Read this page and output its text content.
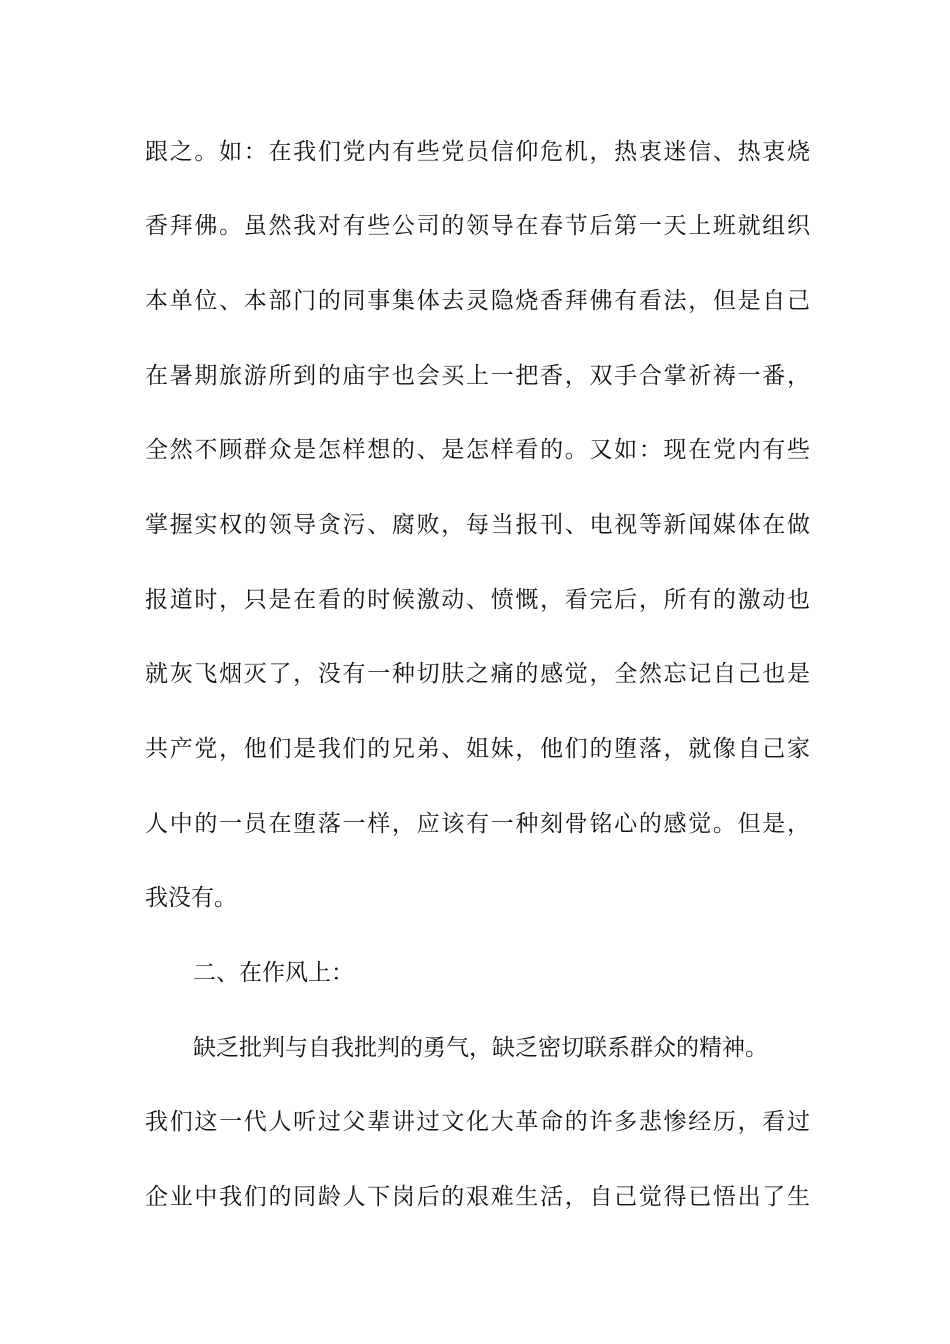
跟之。如：在我们党内有些党员信仰危机，热衷迷信、热衷烧
香拜佛。虽然我对有些公司的领导在春节后第一天上班就组织
本单位、本部门的同事集体去灵隐烧香拜佛有看法，但是自己
在暑期旅游所到的庙宇也会买上一把香，双手合掌祈祷一番，
全然不顾群众是怎样想的、是怎样看的。又如：现在党内有些
掌握实权的领导贪污、腐败，每当报刊、电视等新闻媒体在做
报道时，只是在看的时候激动、愤慨，看完后，所有的激动也
就灰飞烟灭了，没有一种切肤之痛的感觉，全然忘记自己也是
共产党，他们是我们的兄弟、姐妹，他们的堕落，就像自己家
人中的一员在堕落一样，应该有一种刻骨铭心的感觉。但是，
我没有。
二、在作风上：
缺乏批判与自我批判的勇气，缺乏密切联系群众的精神。
我们这一代人听过父辈讲过文化大革命的许多悲惨经历，看过
企业中我们的同龄人下岗后的艰难生活，自己觉得已悟出了生
